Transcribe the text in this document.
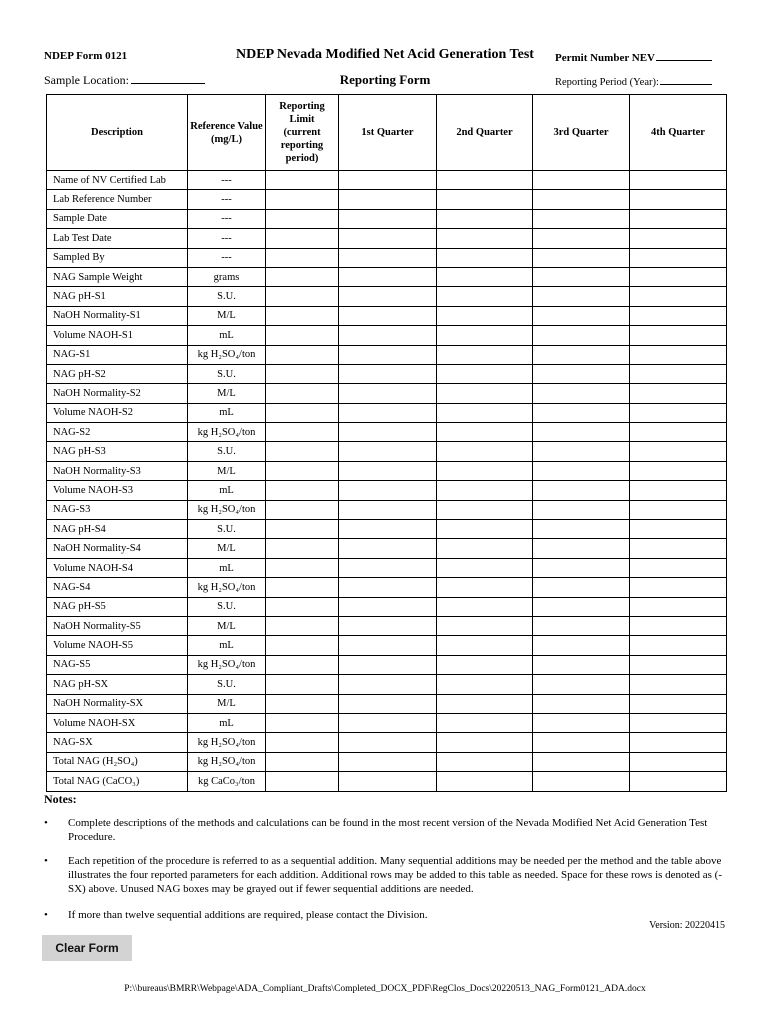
NDEP Form 0121	NDEP Nevada Modified Net Acid Generation Test	Permit Number NEV
Sample Location:	Reporting Form	Reporting Period (Year):
Description	Reference Value (mg/L)	Reporting Limit (current reporting period)	1st Quarter	2nd Quarter	3rd Quarter	4th Quarter
Name of NV Certified Lab	---					
Lab Reference Number	---					
Sample Date	---					
Lab Test Date	---					
Sampled By	---					
NAG Sample Weight	grams					
NAG pH-S1	S.U.					
NaOH Normality-S1	M/L					
Volume NAOH-S1	mL					
NAG-S1	kg H₂SO₄/ton					
NAG pH-S2	S.U.					
NaOH Normality-S2	M/L					
Volume NAOH-S2	mL					
NAG-S2	kg H₂SO₄/ton					
NAG pH-S3	S.U.					
NaOH Normality-S3	M/L					
Volume NAOH-S3	mL					
NAG-S3	kg H₂SO₄/ton					
NAG pH-S4	S.U.					
NaOH Normality-S4	M/L					
Volume NAOH-S4	mL					
NAG-S4	kg H₂SO₄/ton					
NAG pH-S5	S.U.					
NaOH Normality-S5	M/L					
Volume NAOH-S5	mL					
NAG-S5	kg H₂SO₄/ton					
NAG pH-SX	S.U.					
NaOH Normality-SX	M/L					
Volume NAOH-SX	mL					
NAG-SX	kg H₂SO₄/ton					
Total NAG (H₂SO₄)	kg H₂SO₄/ton					
Total NAG (CaCO₃)	kg CaCo₃/ton					
Notes:
• Complete descriptions of the methods and calculations can be found in the most recent version of the Nevada Modified Net Acid Generation Test Procedure.
• Each repetition of the procedure is referred to as a sequential addition. Many sequential additions may be needed per the method and the table above illustrates the four reported parameters for each addition. Additional rows may be added to this table as needed. Space for these rows is denoted as (-SX) above. Unused NAG boxes may be grayed out if fewer sequential additions are needed.
• If more than twelve sequential additions are required, please contact the Division.
Version: 20220415
Clear Form
P:\\bureaus\BMRR\Webpage\ADA_Compliant_Drafts\Completed_DOCX_PDF\RegClos_Docs\20220513_NAG_Form0121_ADA.docx
